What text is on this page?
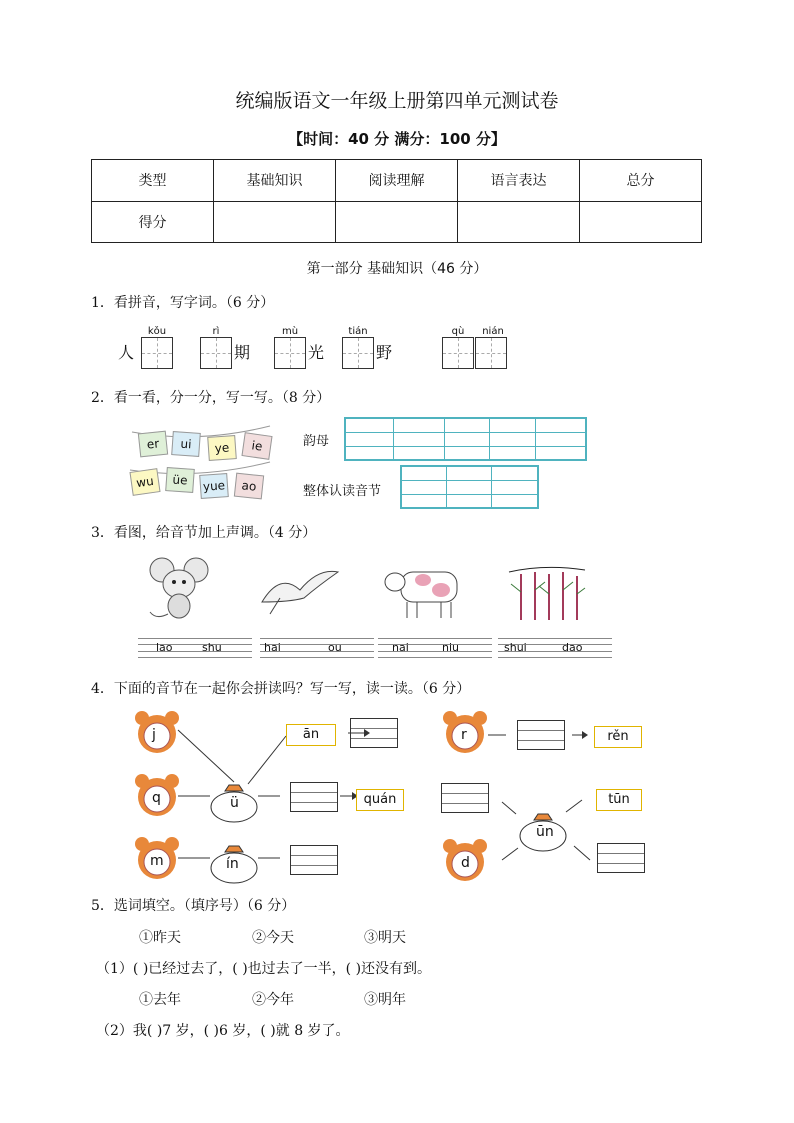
统编版语文一年级上册第四单元测试卷
【时间：40 分 满分：100 分】
类型	基础知识	阅读理解	语言表达	总分
得分				
第一部分 基础知识（46 分）
1．看拼音，写字词。（6 分）
人
kǒu	rì
期
mù
光
tián
野
qù	nián
2．看一看，分一分，写一写。（8 分）
er	ui	ye	ie
wu	üe	yue	ao
韵母
整体认读音节
3．看图，给音节加上声调。（4 分）
lao	shu	hai	ou	nai	niu	shui	dao
4．下面的音节在一起你会拼读吗？写一写，读一读。（6 分）
j
q
m
ü
ín
ān
quán
r	rěn
ūn
tūn
d
5．选词填空。（填序号）（6 分）
①昨天	②今天	③明天
（1）( )已经过去了，( )也过去了一半，( )还没有到。
①去年	②今年	③明年
（2）我( )7 岁，( )6 岁，( )就 8 岁了。
